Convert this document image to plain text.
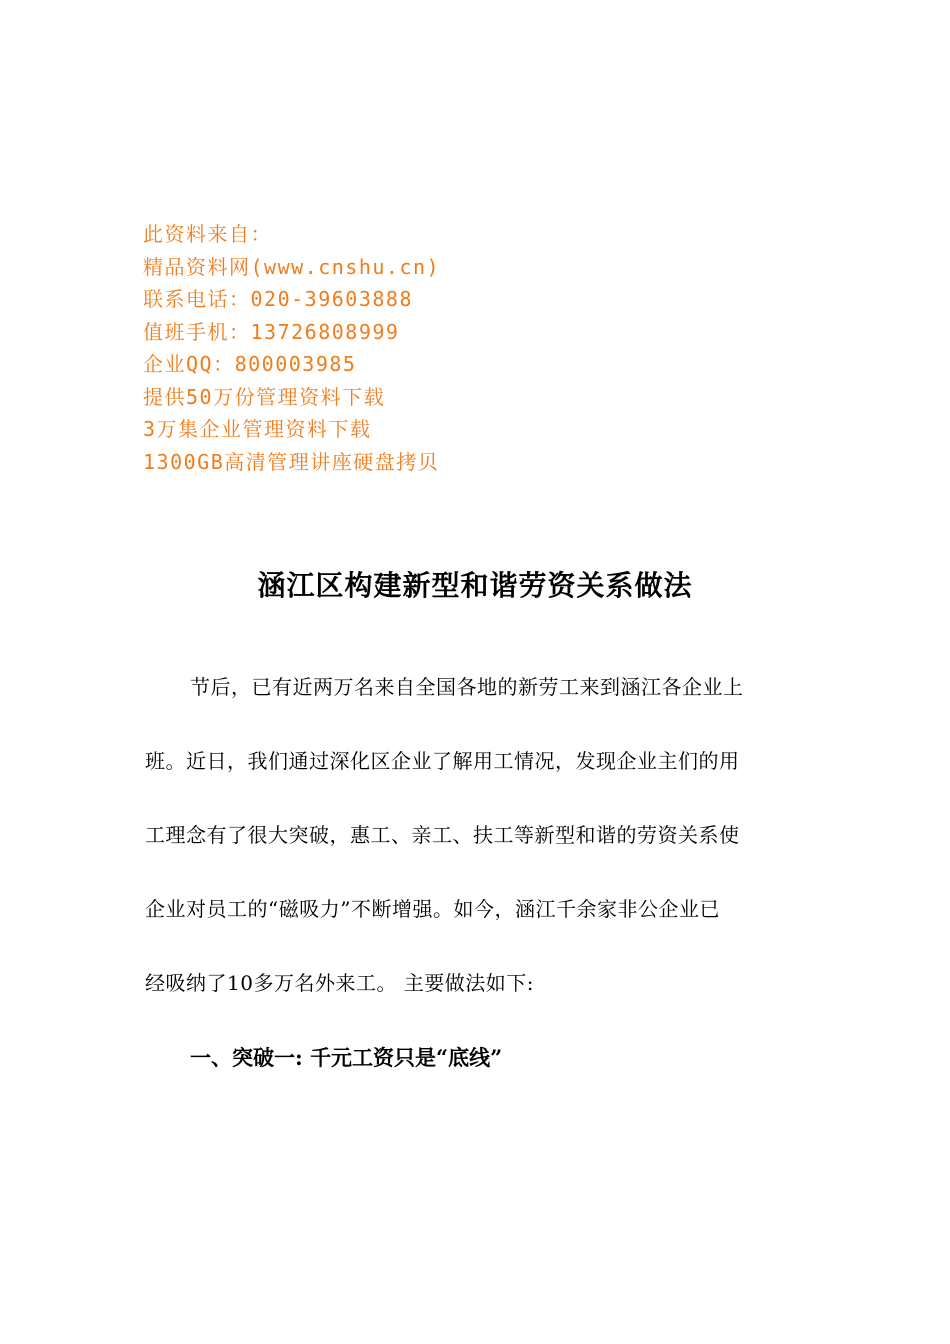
此资料来自：
精品资料网(www.cnshu.cn)
联系电话：020-39603888
值班手机：13726808999
企业QQ：800003985
提供50万份管理资料下载
3万集企业管理资料下载
1300GB高清管理讲座硬盘拷贝
涵江区构建新型和谐劳资关系做法
节后，已有近两万名来自全国各地的新劳工来到涵江各企业上
班。近日，我们通过深化区企业了解用工情况，发现企业主们的用
工理念有了很大突破，惠工、亲工、扶工等新型和谐的劳资关系使
企业对员工的“磁吸力”不断增强。如今，涵江千余家非公企业已
经吸纳了10多万名外来工。 主要做法如下:
一、突破一: 千元工资只是“底线”
